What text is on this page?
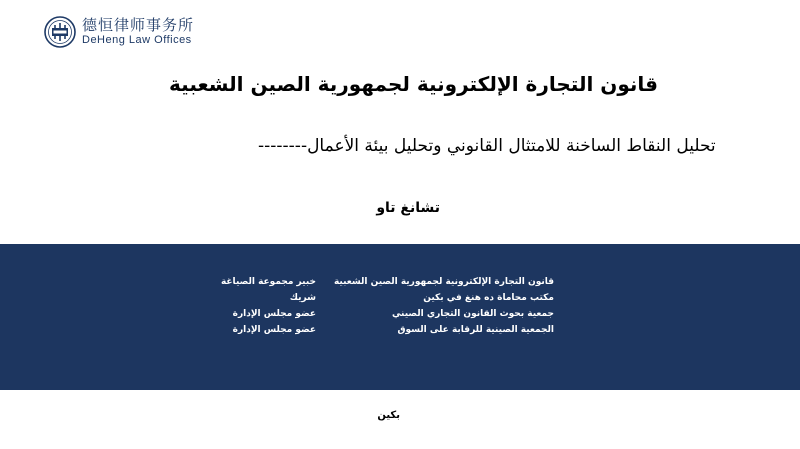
德恒律师事务所
DeHeng Law Offices
قانون التجارة الإلكترونية لجمهورية الصين الشعبية
--------تحليل النقاط الساخنة للامتثال القانوني وتحليل بيئة الأعمال
تشانغ تاو
قانون التجارة الإلكترونية لجمهورية الصين الشعبية
مكتب محاماة ده هنغ في بكين
جمعية بحوث القانون التجاري الصيني
الجمعية الصينية للرقابة على السوق
خبير مجموعة الصياغة
شريك
عضو مجلس الإدارة
عضو مجلس الإدارة
بكين
